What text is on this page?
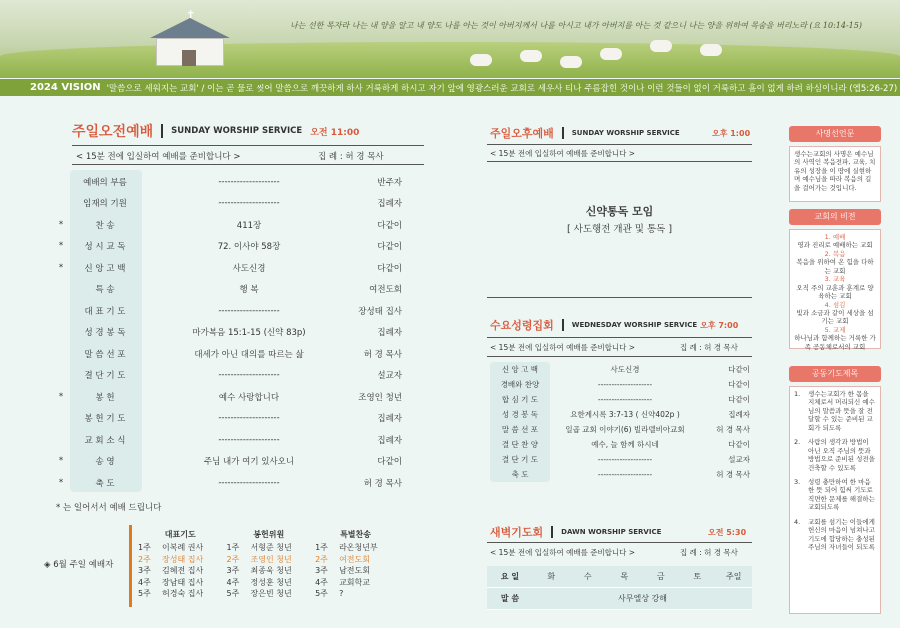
✝
나는 선한 목자라 나는 내 양을 알고 내 양도 나를 아는 것이 아버지께서 나를 아시고 내가 아버지를 아는 것 같으니 나는 양을 위하여 목숨을 버리노라 (요 10:14-15)
2024 VISION '말씀으로 세워지는 교회' / 이는 곧 물로 씻어 말씀으로 깨끗하게 하사 거룩하게 하시고 자기 앞에 영광스러운 교회로 세우사 티나 주름잡힌 것이나 이런 것들이 없이 거룩하고 흠이 없게 하려 하심이니라 (엡5:26-27)
주일오전예배 SUNDAY WORSHIP SERVICE 오전 11:00
< 15분 전에 입실하여 예배를 준비합니다 >	집 례 : 허 경 목사
예배의 부름	--------------------	반주자
임재의 기원	--------------------	집례자
*	찬 송	411장	다같이
*	성 시 교 독	72. 이사야 58장	다같이
*	신 앙 고 백	사도신경	다같이
특 송	행 복	여전도회
대 표 기 도	--------------------	장성태 집사
성 경 봉 독	마가복음 15:1-15 (신약 83p)	집례자
말 씀 선 포	대세가 아닌 대의를 따르는 삶	허 경 목사
결 단 기 도	--------------------	설교자
*	봉 헌	예수 사랑합니다	조영인 청년
봉 헌 기 도	--------------------	집례자
교 회 소 식	--------------------	집례자
*	송 영	주님 내가 여기 있사오니	다같이
*	축 도	--------------------	허 경 목사
* 는 일어서서 예배 드립니다
◈ 6월 주일 예배자
대표기도		봉헌위원		특별찬송	
1주	이복례 권사	1주	서형준 청년	1주	라온청년부
2주	장성태 집사	2주	조영인 청년	2주	여전도회
3주	김혜전 집사	3주	최종욱 청년	3주	남전도회
4주	장남태 집사	4주	정성훈 청년	4주	교회학교
5주	허경숙 집사	5주	장은빈 청년	5주	?
주일오후예배	SUNDAY WORSHIP SERVICE	오후 1:00
< 15분 전에 입실하여 예배를 준비합니다 >
신약통독 모임
[ 사도행전 개관 및 통독 ]
수요성령집회	WEDNESDAY WORSHIP SERVICE 오후 7:00
< 15분 전에 입실하여 예배를 준비합니다 >	집 례 : 허 경 목사
신 앙 고 백	사도신경	다같이
경배와 찬양	--------------------	다같이
합 심 기 도	--------------------	다같이
성 경 봉 독	요한계시록 3:7-13 ( 신약402p )	집례자
말 씀 선 포	일곱 교회 이야기(6) 빌라델비아교회	허 경 목사
결 단 찬 양	예수, 늘 함께 하시네	다같이
결 단 기 도	--------------------	설교자
축 도	--------------------	허 경 목사
새벽기도회	DAWN WORSHIP SERVICE	오전 5:30
< 15분 전에 입실하여 예배를 준비합니다 >	집 례 : 허 경 목사
요 일	화	수	목	금	토	주일
말 씀	사무엘상 강해
사명선언문
생수는교회의 사명은 예수님의 사역인 복음전파, 교육, 치유의 성장을 이 땅에 실현하며 예수님을 따라 복음의 길을 걸어가는 것입니다.
교회의 비전
1. 예배
영과 진리로 예배하는 교회
2. 복음
복음을 위하여 온 힘을 다하는 교회
3. 교육
오직 주의 교훈과 훈계로 양육하는 교회
4. 섬김
빛과 소금과 같이 세상을 섬기는 교회
5. 교제
하나님과 함께하는 거룩한 가족 공동체로서의 교회
공동기도제목
1.	생수는교회가 한 몸을 지체로서 머리되신 예수님의 말씀과 뜻을 잘 전달할 수 있는 준비된 교회가 되도록
2.	사람의 생각과 방법이 아닌 오직 주님의 뜻과 방법으로 준비된 성전을 건축할 수 있도록
3.	성령 충만하여 한 마음 한 뜻 되어 힘써 기도로 직면한 문제를 해결하는 교회되도록
4.	교회를 섬기는 이들에게 헌신의 마음이 넘쳐나고 기도에 합당하는 충성된 주님의 자녀들이 되도록
